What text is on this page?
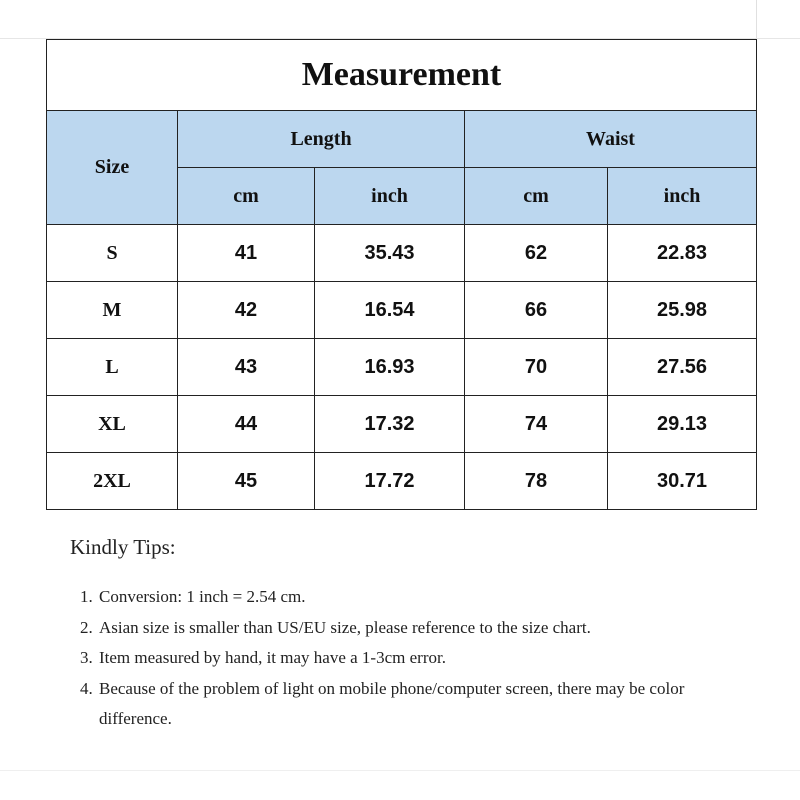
Measurement				
Size	Length		Waist	
	cm	inch	cm	inch
S	41	35.43	62	22.83
M	42	16.54	66	25.98
L	43	16.93	70	27.56
XL	44	17.32	74	29.13
2XL	45	17.72	78	30.71
Kindly Tips:
1. Conversion: 1 inch = 2.54 cm.
2. Asian size is smaller than US/EU size, please reference to the size chart.
3. Item measured by hand, it may have a 1-3cm error.
4. Because of the problem of light on mobile phone/computer screen, there may be color difference.
